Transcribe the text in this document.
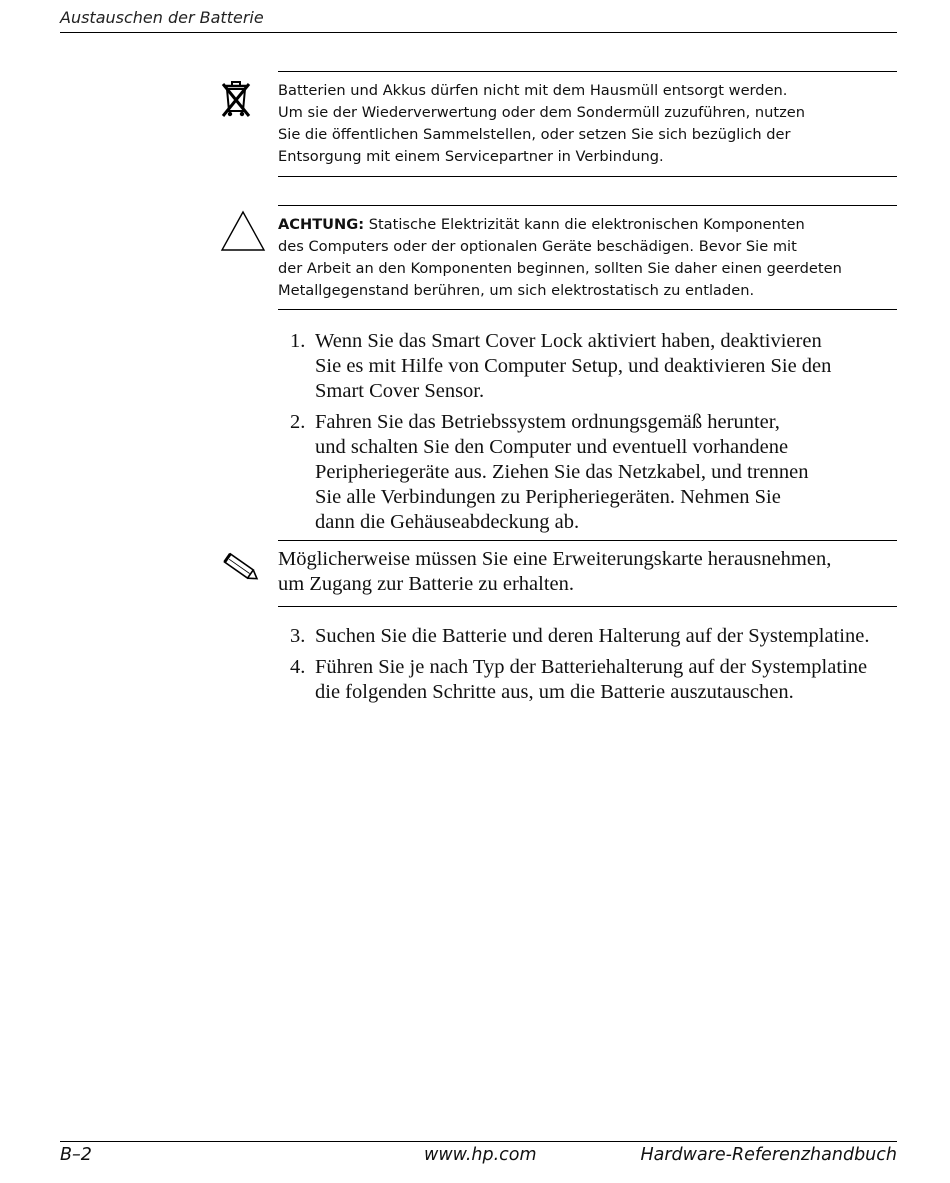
Austauschen der Batterie

Batterien und Akkus dürfen nicht mit dem Hausmüll entsorgt werden.

Um sie der Wiederverwertung oder dem Sondermüll zuzuführen, nutzen

Sie die öffentlichen Sammelstellen, oder setzen Sie sich bezüglich der

Entsorgung mit einem Servicepartner in Verbindung.

ACHTUNG: Statische Elektrizität kann die elektronischen Komponenten

des Computers oder der optionalen Geräte beschädigen. Bevor Sie mit

der Arbeit an den Komponenten beginnen, sollten Sie daher einen geerdeten

Metallgegenstand berühren, um sich elektrostatisch zu entladen.

1. Wenn Sie das Smart Cover Lock aktiviert haben, deaktivieren
Sie es mit Hilfe von Computer Setup, und deaktivieren Sie den
Smart Cover Sensor.
2. Fahren Sie das Betriebssystem ordnungsgemäß herunter,
und schalten Sie den Computer und eventuell vorhandene
Peripheriegeräte aus. Ziehen Sie das Netzkabel, und trennen
Sie alle Verbindungen zu Peripheriegeräten. Nehmen Sie
dann die Gehäuseabdeckung ab.

Möglicherweise müssen Sie eine Erweiterungskarte herausnehmen,

um Zugang zur Batterie zu erhalten.

3. Suchen Sie die Batterie und deren Halterung auf der Systemplatine.
4. Führen Sie je nach Typ der Batteriehalterung auf der Systemplatine
die folgenden Schritte aus, um die Batterie auszutauschen.
B–2	www.hp.com	Hardware-Referenzhandbuch
